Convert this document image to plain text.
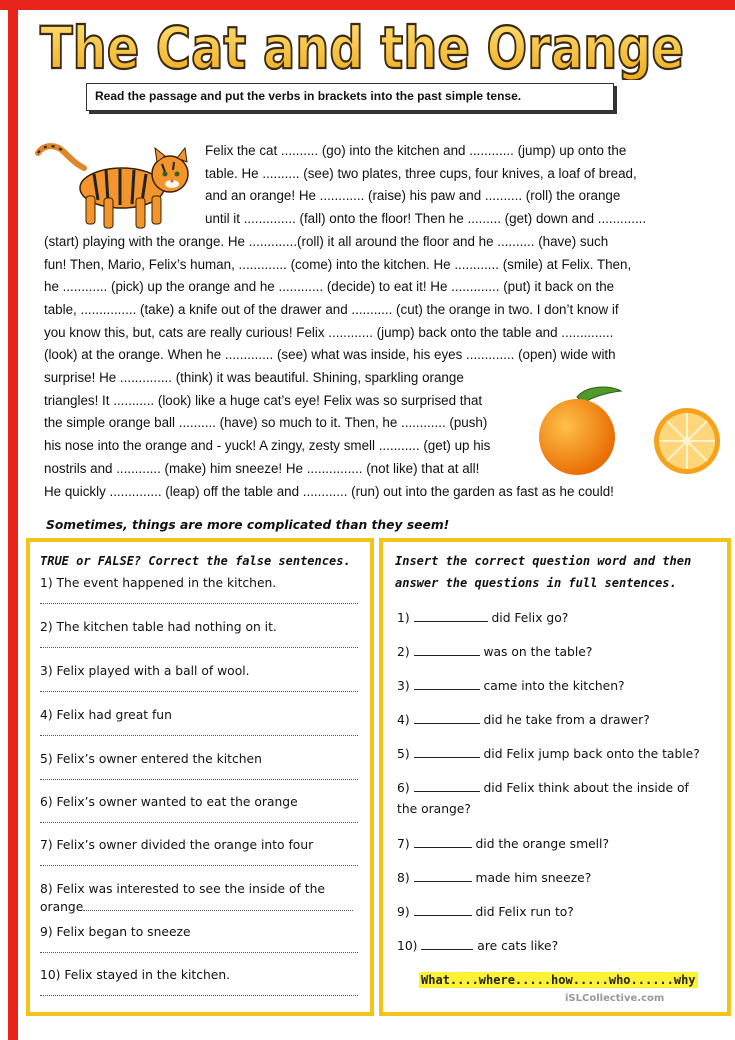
The Cat and the Orange
Read the passage and put the verbs in brackets into the past simple tense.
Felix the cat .......... (go) into the kitchen and ............ (jump) up onto the
table. He .......... (see) two plates, three cups, four knives, a loaf of bread,
and an orange! He ............ (raise) his paw and .......... (roll) the orange
until it .............. (fall) onto the floor! Then he ......... (get) down and .............
(start) playing with the orange. He .............(roll) it all around the floor and he .......... (have) such
fun! Then, Mario, Felix’s human, ............. (come) into the kitchen. He ............ (smile) at Felix. Then,
he ............ (pick) up the orange and he ............ (decide) to eat it! He ............. (put) it back on the
table, ............... (take) a knife out of the drawer and ........... (cut) the orange in two. I don’t know if
you know this, but, cats are really curious! Felix ............ (jump) back onto the table and ..............
(look) at the orange. When he ............. (see) what was inside, his eyes ............. (open) wide with
surprise! He .............. (think) it was beautiful. Shining, sparkling orange
triangles! It ........... (look) like a huge cat’s eye! Felix was so surprised that
the simple orange ball .......... (have) so much to it. Then, he ............ (push)
his nose into the orange and - yuck! A zingy, zesty smell ........... (get) up his
nostrils and ............ (make) him sneeze! He ............... (not like) that at all!
He quickly .............. (leap) off the table and ............ (run) out into the garden as fast as he could!
Sometimes, things are more complicated than they seem!
TRUE or FALSE? Correct the false sentences.
1) The event happened in the kitchen.
2) The kitchen table had nothing on it.
3) Felix played with a ball of wool.
4) Felix had great fun
5) Felix’s owner entered the kitchen
6) Felix’s owner wanted to eat the orange
7) Felix’s owner divided the orange into four
8) Felix was interested to see the inside of the
orange
9) Felix began to sneeze
10) Felix stayed in the kitchen.
Insert the correct question word and then
answer the questions in full sentences.
1)	did Felix go?
2)	was on the table?
3)	came into the kitchen?
4)	did he take from a drawer?
5)	did Felix jump back onto the table?
6)	did Felix think about the inside of
the orange?
7)	did the orange smell?
8)	made him sneeze?
9)	did Felix run to?
10)	are cats like?
What....where.....how.....who......why
iSLCollective.com
